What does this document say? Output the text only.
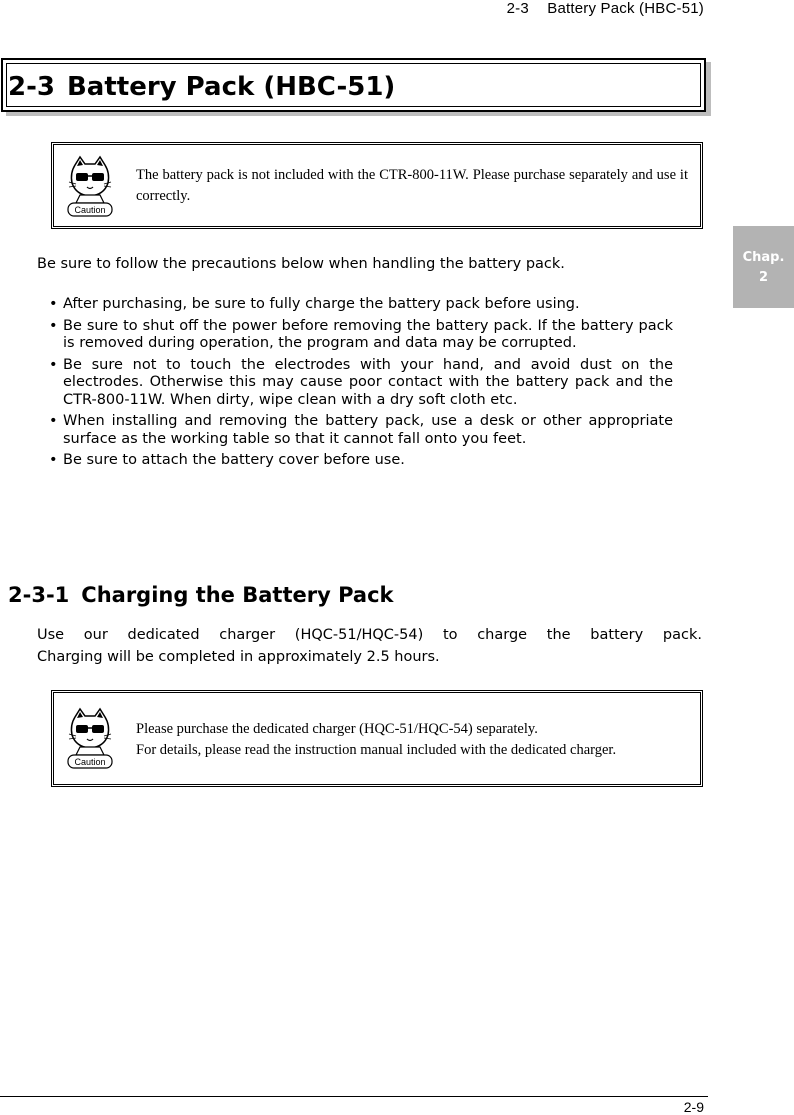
2-3 Battery Pack (HBC-51)
2-3 Battery Pack (HBC-51)
Chap.
2
Caution

The battery pack is not included with the CTR-800-11W. Please purchase separately and use it correctly.

Be sure to follow the precautions below when handling the battery pack.
• After purchasing, be sure to fully charge the battery pack before using.
• Be sure to shut off the power before removing the battery pack. If the battery pack is removed during operation, the program and data may be corrupted.
• Be sure not to touch the electrodes with your hand, and avoid dust on the electrodes. Otherwise this may cause poor contact with the battery pack and the CTR-800-11W. When dirty, wipe clean with a dry soft cloth etc.
• When installing and removing the battery pack, use a desk or other appropriate surface as the working table so that it cannot fall onto you feet.
• Be sure to attach the battery cover before use.
2-3-1 Charging the Battery Pack

Use our dedicated charger (HQC-51/HQC-54) to charge the battery pack.

Charging will be completed in approximately 2.5 hours.

Caution

Please purchase the dedicated charger (HQC-51/HQC-54) separately.

For details, please read the instruction manual included with the dedicated charger.

2-9
